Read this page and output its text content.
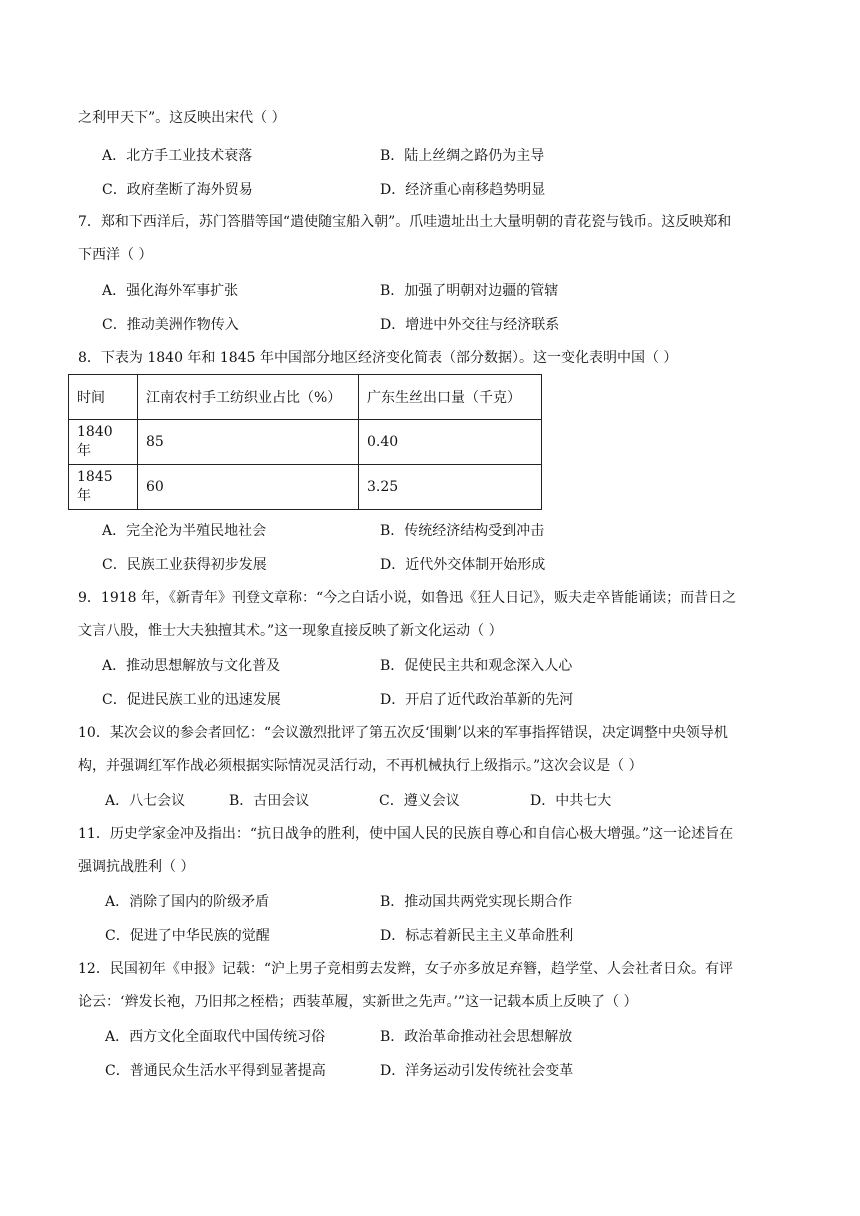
之利甲天下”。这反映出宋代（ ）
A．北方手工业技术衰落	B．陆上丝绸之路仍为主导
C．政府垄断了海外贸易	D．经济重心南移趋势明显
7．郑和下西洋后，苏门答腊等国“遣使随宝船入朝”。爪哇遗址出土大量明朝的青花瓷与钱币。这反映郑和
下西洋（ ）
A．强化海外军事扩张	B．加强了明朝对边疆的管辖
C．推动美洲作物传入	D．增进中外交往与经济联系
8．下表为 1840 年和 1845 年中国部分地区经济变化简表（部分数据）。这一变化表明中国（ ）
时间	江南农村手工纺织业占比（%）	广东生丝出口量（千克）
1840 年	85	0.40
1845 年	60	3.25
A．完全沦为半殖民地社会	B．传统经济结构受到冲击
C．民族工业获得初步发展	D．近代外交体制开始形成
9．1918 年，《新青年》刊登文章称：“今之白话小说，如鲁迅《狂人日记》，贩夫走卒皆能诵读；而昔日之
文言八股，惟士大夫独擅其术。”这一现象直接反映了新文化运动（ ）
A．推动思想解放与文化普及	B．促使民主共和观念深入人心
C．促进民族工业的迅速发展	D．开启了近代政治革新的先河
10．某次会议的参会者回忆：“会议激烈批评了第五次反‘围剿’以来的军事指挥错误，决定调整中央领导机
构，并强调红军作战必须根据实际情况灵活行动，不再机械执行上级指示。”这次会议是（ ）
A．八七会议	B．古田会议	C．遵义会议	D．中共七大
11．历史学家金冲及指出：“抗日战争的胜利，使中国人民的民族自尊心和自信心极大增强。”这一论述旨在
强调抗战胜利（ ）
A．消除了国内的阶级矛盾	B．推动国共两党实现长期合作
C．促进了中华民族的觉醒	D．标志着新民主主义革命胜利
12．民国初年《申报》记载：“沪上男子竞相剪去发辫，女子亦多放足弃簪，趋学堂、人会社者日众。有评
论云：‘辫发长袍，乃旧邦之桎梏；西装革履，实新世之先声。’”这一记载本质上反映了（ ）
A．西方文化全面取代中国传统习俗	B．政治革命推动社会思想解放
C．普通民众生活水平得到显著提高	D．洋务运动引发传统社会变革
